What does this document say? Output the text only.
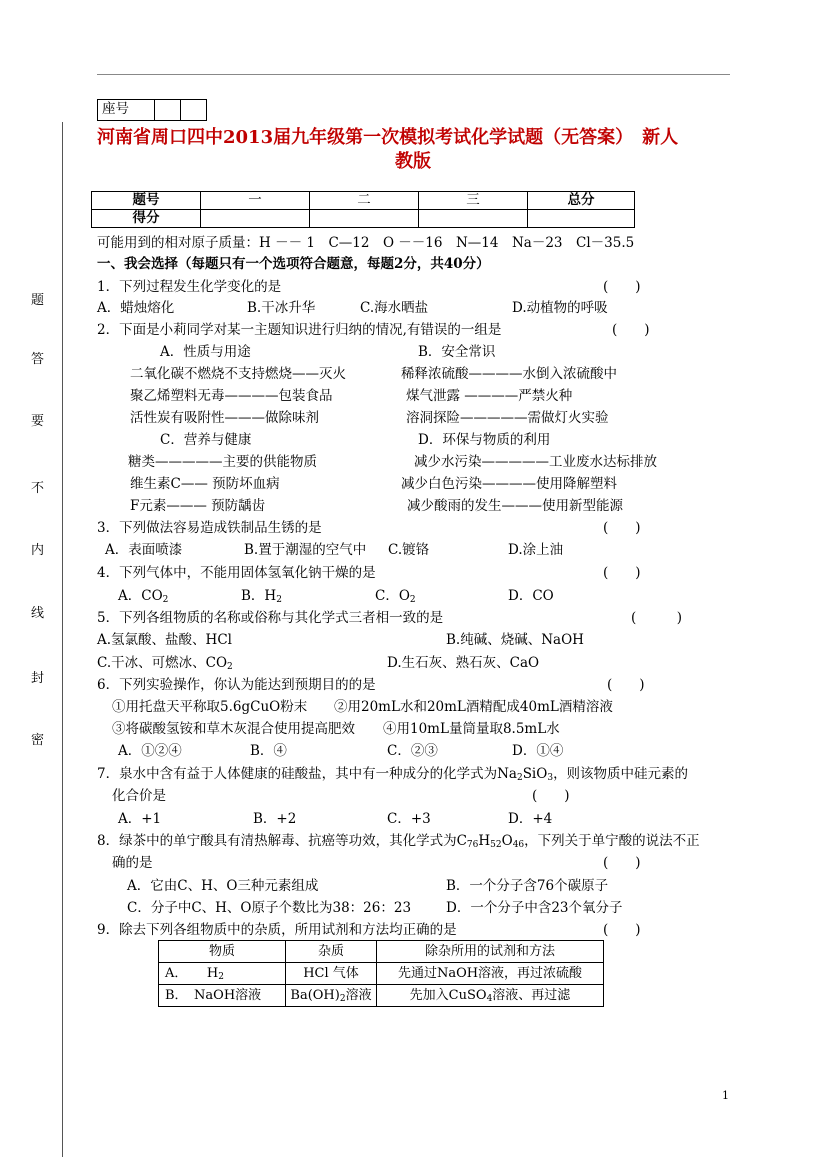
座号		
题
答
要
不
内
线
封
密
河南省周口四中2013届九年级第一次模拟考试化学试题（无答案）　新人
教版
题号	一	二	三	总分
得分				
可能用到的相对原子质量：H －－ 1　C—12　O －－16　N—14　Na－23　Cl－35.5
一、我会选择（每题只有一个选项符合题意，每题2分，共40分）
1．下列过程发生化学变化的是	(　　)
A．蜡烛熔化	B.干冰升华	C.海水晒盐	D.动植物的呼吸
2．下面是小莉同学对某一主题知识进行归纳的情况,有错误的一组是	(　　)
A．性质与用途	B．安全常识
二氧化碳不燃烧不支持燃烧——灭火	稀释浓硫酸————水倒入浓硫酸中
聚乙烯塑料无毒————包装食品	煤气泄露 ————严禁火种
活性炭有吸附性———做除味剂	溶洞探险—————需做灯火实验
C．营养与健康	D．环保与物质的利用
糖类—————主要的供能物质	减少水污染—————工业废水达标排放
维生素C—— 预防坏血病	减少白色污染————使用降解塑料
F元素——— 预防龋齿	减少酸雨的发生———使用新型能源
3．下列做法容易造成铁制品生锈的是	(　　)
A．表面喷漆	B.置于潮湿的空气中 C.镀铬	D.涂上油
4．下列气体中，不能用固体氢氧化钠干燥的是	(　　)
A．$CO_2$	B．$H_2$	C．$O_2$	D．CO
5．下列各组物质的名称或俗称与其化学式三者相一致的是	(　　　)
A.氢氯酸、盐酸、HCl	B.纯碱、烧碱、NaOH
C.干冰、可燃冰、$CO_2$	D.生石灰、熟石灰、CaO
6．下列实验操作，你认为能达到预期目的的是	(　　)
①用托盘天平称取5.6gCuO粉末 ②用20mL水和20mL酒精配成40mL酒精溶液
③将碳酸氢铵和草木灰混合使用提高肥效 ④用10mL量筒量取8.5mL水
A．①②④	B．④	C．②③	D．①④
7．泉水中含有益于人体健康的硅酸盐，其中有一种成分的化学式为$Na_2SiO_3$，则该物质中硅元素的
化合价是	(　　)
A．+1	B．+2	C．+3	D．+4
8．绿茶中的单宁酸具有清热解毒、抗癌等功效，其化学式为$C_{76}H_{52}O_{46}$，下列关于单宁酸的说法不正
确的是	(　　)
A．它由C、H、O三种元素组成	B．一个分子含76个碳原子
C．分子中C、H、O原子个数比为38：26：23	D．一个分子中含23个氧分子
9．除去下列各组物质中的杂质，所用试剂和方法均正确的是	(　　)
物质	杂质	除杂所用的试剂和方法
A．　　$H_2$	HCl 气体	先通过NaOH溶液，再过浓硫酸
B．　NaOH溶液	$Ba(OH)_2$溶液	先加入CuSO$_4$溶液、再过滤
1
